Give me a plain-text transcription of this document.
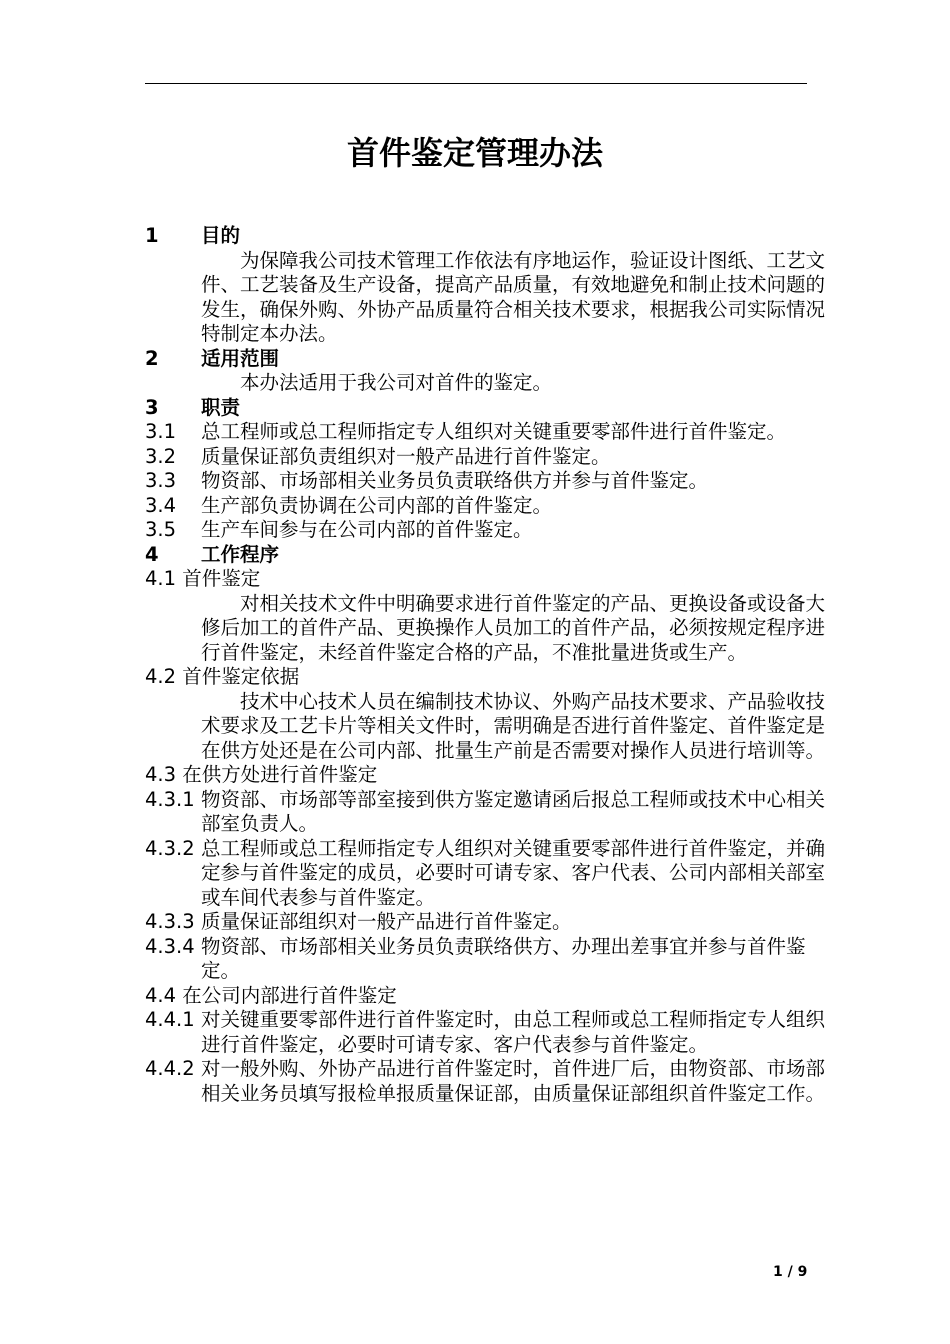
首件鉴定管理办法
1 目的
为保障我公司技术管理工作依法有序地运作，验证设计图纸、工艺文件、工艺装备及生产设备，提高产品质量，有效地避免和制止技术问题的发生，确保外购、外协产品质量符合相关技术要求，根据我公司实际情况特制定本办法。
2 适用范围
本办法适用于我公司对首件的鉴定。
3 职责
3.1 总工程师或总工程师指定专人组织对关键重要零部件进行首件鉴定。
3.2 质量保证部负责组织对一般产品进行首件鉴定。
3.3 物资部、市场部相关业务员负责联络供方并参与首件鉴定。
3.4 生产部负责协调在公司内部的首件鉴定。
3.5 生产车间参与在公司内部的首件鉴定。
4 工作程序
4.1 首件鉴定
对相关技术文件中明确要求进行首件鉴定的产品、更换设备或设备大修后加工的首件产品、更换操作人员加工的首件产品，必须按规定程序进行首件鉴定，未经首件鉴定合格的产品，不准批量进货或生产。
4.2 首件鉴定依据
技术中心技术人员在编制技术协议、外购产品技术要求、产品验收技术要求及工艺卡片等相关文件时，需明确是否进行首件鉴定、首件鉴定是在供方处还是在公司内部、批量生产前是否需要对操作人员进行培训等。
4.3 在供方处进行首件鉴定
4.3.1 物资部、市场部等部室接到供方鉴定邀请函后报总工程师或技术中心相关部室负责人。
4.3.2 总工程师或总工程师指定专人组织对关键重要零部件进行首件鉴定，并确定参与首件鉴定的成员，必要时可请专家、客户代表、公司内部相关部室或车间代表参与首件鉴定。
4.3.3 质量保证部组织对一般产品进行首件鉴定。
4.3.4 物资部、市场部相关业务员负责联络供方、办理出差事宜并参与首件鉴定。
4.4 在公司内部进行首件鉴定
4.4.1 对关键重要零部件进行首件鉴定时，由总工程师或总工程师指定专人组织进行首件鉴定，必要时可请专家、客户代表参与首件鉴定。
4.4.2 对一般外购、外协产品进行首件鉴定时，首件进厂后，由物资部、市场部相关业务员填写报检单报质量保证部，由质量保证部组织首件鉴定工作。
1 / 9
